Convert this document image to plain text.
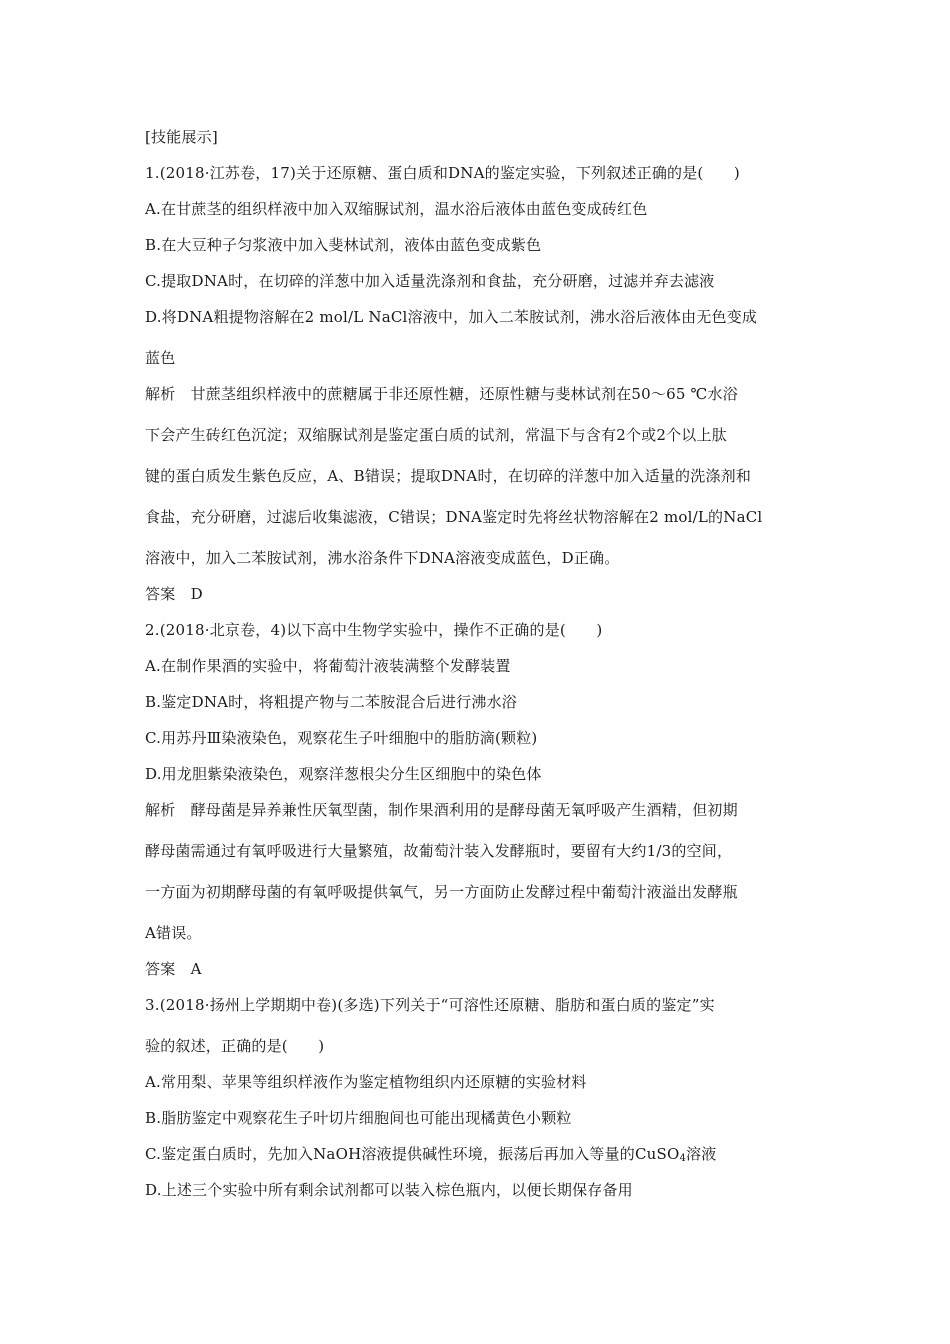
[技能展示]
1.(2018·江苏卷，17)关于还原糖、蛋白质和DNA的鉴定实验，下列叙述正确的是(　　)
A.在甘蔗茎的组织样液中加入双缩脲试剂，温水浴后液体由蓝色变成砖红色
B.在大豆种子匀浆液中加入斐林试剂，液体由蓝色变成紫色
C.提取DNA时，在切碎的洋葱中加入适量洗涤剂和食盐，充分研磨，过滤并弃去滤液
D.将DNA粗提物溶解在2 mol/L NaCl溶液中，加入二苯胺试剂，沸水浴后液体由无色变成
蓝色
解析　甘蔗茎组织样液中的蔗糖属于非还原性糖，还原性糖与斐林试剂在50～65 ℃水浴
下会产生砖红色沉淀；双缩脲试剂是鉴定蛋白质的试剂，常温下与含有2个或2个以上肽
键的蛋白质发生紫色反应，A、B错误；提取DNA时，在切碎的洋葱中加入适量的洗涤剂和
食盐，充分研磨，过滤后收集滤液，C错误；DNA鉴定时先将丝状物溶解在2 mol/L的NaCl
溶液中，加入二苯胺试剂，沸水浴条件下DNA溶液变成蓝色，D正确。
答案　D
2.(2018·北京卷，4)以下高中生物学实验中，操作不正确的是(　　)
A.在制作果酒的实验中，将葡萄汁液装满整个发酵装置
B.鉴定DNA时，将粗提产物与二苯胺混合后进行沸水浴
C.用苏丹Ⅲ染液染色，观察花生子叶细胞中的脂肪滴(颗粒)
D.用龙胆紫染液染色，观察洋葱根尖分生区细胞中的染色体
解析　酵母菌是异养兼性厌氧型菌，制作果酒利用的是酵母菌无氧呼吸产生酒精，但初期
酵母菌需通过有氧呼吸进行大量繁殖，故葡萄汁装入发酵瓶时，要留有大约1/3的空间，
一方面为初期酵母菌的有氧呼吸提供氧气，另一方面防止发酵过程中葡萄汁液溢出发酵瓶
A错误。
答案　A
3.(2018·扬州上学期期中卷)(多选)下列关于“可溶性还原糖、脂肪和蛋白质的鉴定”实
验的叙述，正确的是(　　)
A.常用梨、苹果等组织样液作为鉴定植物组织内还原糖的实验材料
B.脂肪鉴定中观察花生子叶切片细胞间也可能出现橘黄色小颗粒
C.鉴定蛋白质时，先加入NaOH溶液提供碱性环境，振荡后再加入等量的CuSO$_4$溶液
D.上述三个实验中所有剩余试剂都可以装入棕色瓶内，以便长期保存备用
